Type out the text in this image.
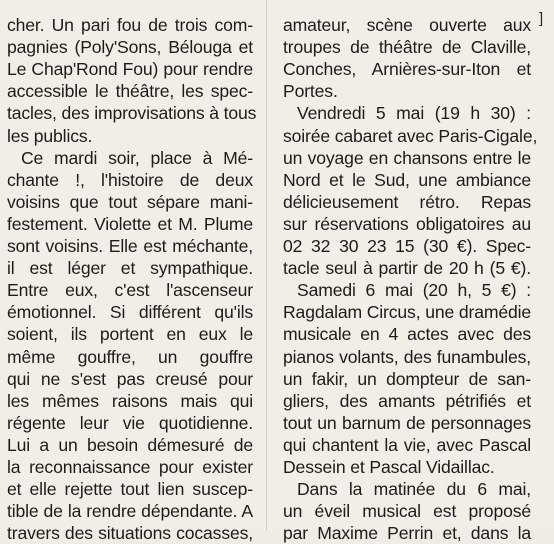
cher. Un pari fou de trois com-
pagnies (Poly'Sons, Bélouga et
Le Chap'Rond Fou) pour rendre
accessible le théâtre, les spec-
tacles, des improvisations à tous
les publics.
Ce mardi soir, place à Mé-
chante !, l'histoire de deux
voisins que tout sépare mani-
festement. Violette et M. Plume
sont voisins. Elle est méchante,
il est léger et sympathique.
Entre eux, c'est l'ascenseur
émotionnel. Si différent qu'ils
soient, ils portent en eux le
même gouffre, un gouffre
qui ne s'est pas creusé pour
les mêmes raisons mais qui
régente leur vie quotidienne.
Lui a un besoin démesuré de
la reconnaissance pour exister
et elle rejette tout lien suscep-
tible de la rendre dépendante. A
travers des situations cocasses,
amateur, scène ouverte aux
troupes de théâtre de Claville,
Conches, Arnières-sur-Iton et
Portes.
Vendredi 5 mai (19 h 30) :
soirée cabaret avec Paris-Cigale,
un voyage en chansons entre le
Nord et le Sud, une ambiance
délicieusement rétro. Repas
sur réservations obligatoires au
02 32 30 23 15 (30 €). Spec-
tacle seul à partir de 20 h (5 €).
Samedi 6 mai (20 h, 5 €) :
Ragdalam Circus, une dramédie
musicale en 4 actes avec des
pianos volants, des funambules,
un fakir, un dompteur de san-
gliers, des amants pétrifiés et
tout un barnum de personnages
qui chantent la vie, avec Pascal
Dessein et Pascal Vidaillac.
Dans la matinée du 6 mai,
un éveil musical est proposé
par Maxime Perrin et, dans la
]
